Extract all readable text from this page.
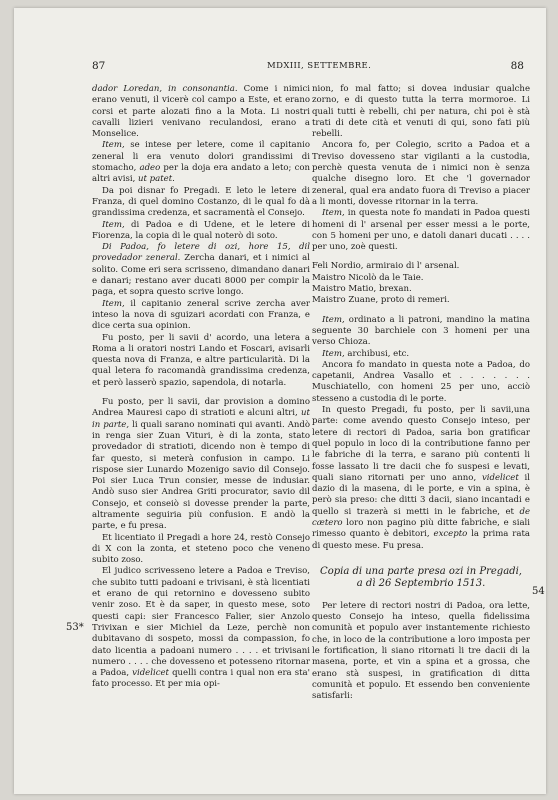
87	MDXIII, SETTEMBRE.	88
53*
54

dador Loredan, in consonantia. Come i nimici erano venuti, il vicerè col campo a Este, et erano corsi et parte alozati fino a la Mota. Li nostri cavalli lizieri venivano reculandosi, erano a Monselice.

Item, se intese per letere, come il capitanio zeneral li era venuto dolori grandissimi di stomacho, adeo per la doja era andato a leto; con altri avisi, ut patet.

Da poi disnar fo Pregadi. E leto le letere di Franza, di quel domino Costanzo, di le qual fo dà grandissima credenza, et sacramentà el Consejo.

Item, di Padoa e di Udene, et le letere di Fiorenza, la copia di le qual noterò di soto.

Di Padoa, fo letere di ozi, hore 15, dil provedador zeneral. Zercha danari, et i nimici al solito. Come eri sera scrisseno, dimandano danari e danari; restano aver ducati 8000 per compir la paga, et sopra questo scrive longo.

Item, il capitanio zeneral scrive zercha aver inteso la nova di sguizari acordati con Franza, e dice certa sua opinion.

Fu posto, per li savii d' acordo, una letera a Roma a li oratori nostri Lando et Foscari, avisarli questa nova di Franza, e altre particularità. Di la qual letera fo racomandà grandissima credenza, et però lasserò spazio, sapendola, di notarla.

Fu posto, per li savii, dar provision a domino Andrea Mauresi capo di stratioti e alcuni altri, ut in parte, li quali sarano nominati qui avanti. Andò in renga sier Zuan Vituri, è di la zonta, stato provedador di stratioti, dicendo non è tempo di far questo, si meterà confusion in campo. Li rispose sier Lunardo Mozenigo savio dil Consejo. Poi sier Luca Trun consier, messe de indusiar. Andò suso sier Andrea Griti procurator, savio dil Consejo, et conseiò si dovesse prender la parte, altramente seguiria più confusion. E andò la parte, e fu presa.

Et licentiato il Pregadi a hore 24, restò Consejo di X con la zonta, et steteno poco che veneno subito zoso.

El judico scrivesseno letere a Padoa e Treviso, che subito tutti padoani e trivisani, è stà licentiati et erano de qui retornino e dovesseno subito venir zoso. Et è da saper, in questo mese, soto questi capi: sier Francesco Falier, sier Anzolo Trivixan e sier Michiel da Leze, perchè non dubitavano di sospeto, mossi da compassion, fo dato licentia a padoani numero . . . . et trivisani numero . . . . che dovesseno et potesseno ritornar a Padoa, videlicet quelli contra i qual non era sta' fato processo. Et per mia opi-

nion, fo mal fatto; si dovea indusiar qualche zorno, e di questo tutta la terra mormoroe. Li quali tutti è rebelli, chi per natura, chi poi è stà trati di dete cità et venuti di qui, sono fati più rebelli.

Ancora fo, per Colegio, scrito a Padoa et a Treviso dovesseno star vigilanti a la custodia, perchè questa venuta de i nimici non è senza qualche disegno loro. Et che 'l governador zeneral, qual era andato fuora di Treviso a piacer a li monti, dovesse ritornar in la terra.

Item, in questa note fo mandati in Padoa questi homeni di l' arsenal per esser messi a le porte, con 5 homeni per uno, e datoli danari ducati . . . . per uno, zoè questi.

Feli Nordio, armiraio di l' arsenal.
Maistro Nicolò da le Taie.
Maistro Matio, brexan.
Maistro Zuane, proto di remeri.

Item, ordinato a li patroni, mandino la matina seguente 30 barchiele con 3 homeni per una verso Chioza.

Item, archibusi, etc.

Ancora fo mandato in questa note a Padoa, do capetanii, Andrea Vasallo et . . . . . . . Muschiatello, con homeni 25 per uno, acciò stesseno a custodia di le porte.

In questo Pregadi, fu posto, per li savii,una parte: come avendo questo Consejo inteso, per letere di rectori di Padoa, saria bon gratificar quel populo in loco di la contributione fanno per le fabriche di la terra, e sarano più contenti li fosse lassato li tre dacii che fo suspesi e levati, quali siano ritornati per uno anno, videlicet il dazio di la masena, di le porte, e vin a spina, è però sia preso: che ditti 3 dacii, siano incantadi e quello si trazerà si metti in le fabriche, et de cætero loro non pagino più ditte fabriche, e siali rimesso quanto è debitori, excepto la prima rata di questo mese. Fu presa.

Copia di una parte presa ozi in Pregadi,
a dì 26 Septembrio 1513.

Per letere di rectori nostri di Padoa, ora lette, questo Consejo ha inteso, quella fidelissima comunità et populo aver instantemente richiesto che, in loco de la contributione a loro imposta per le fortification, li siano ritornati li tre dacii di la masena, porte, et vin a spina et a grossa, che erano stà suspesi, in gratification di ditta comunità et populo. Et essendo ben conveniente satisfarli:
